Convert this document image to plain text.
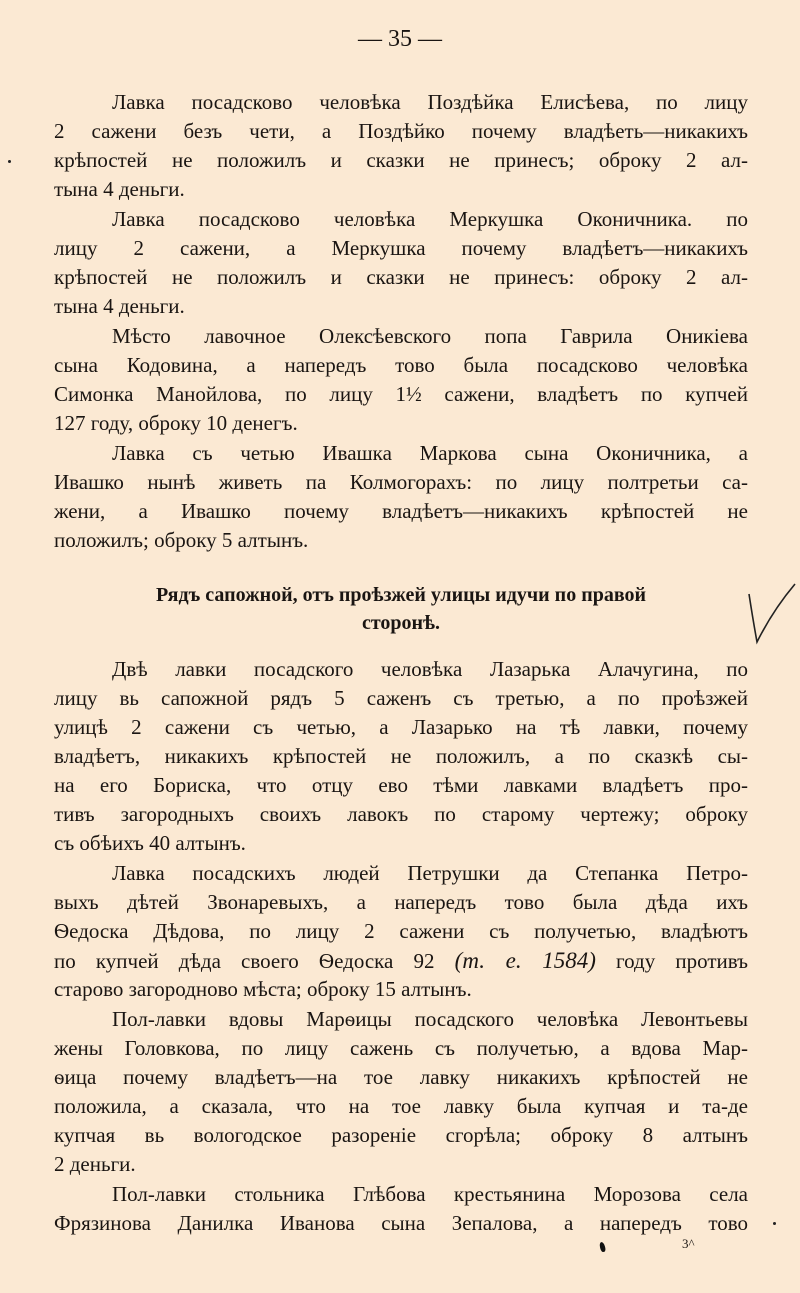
— 35 —
Лавка посадсково человѣка Поздѣйка Елисѣева, по лицу
2 сажени безъ чети, а Поздѣйко почему владѣеть—никакихъ
крѣпостей не положилъ и сказки не принесъ; оброку 2 ал-
тына 4 деньги.
Лавка посадсково человѣка Меркушка Оконичника. по
лицу 2 сажени, а Меркушка почему владѣетъ—никакихъ
крѣпостей не положилъ и сказки не принесъ: оброку 2 ал-
тына 4 деньги.
Мѣсто лавочное Олексѣевского попа Гаврила Оникіева
сына Кодовина, а напередъ тово была посадсково человѣка
Симонка Манойлова, по лицу 1½ сажени, владѣетъ по купчей
127 году, оброку 10 денегъ.
Лавка съ четью Ивашка Маркова сына Оконичника, а
Ивашко нынѣ живеть па Колмогорахъ: по лицу полтретьи са-
жени, а Ивашко почему владѣетъ—никакихъ крѣпостей не
положилъ; оброку 5 алтынъ.
Рядъ сапожной, отъ проѣзжей улицы идучи по правой
сторонѣ.
Двѣ лавки посадского человѣка Лазарька Алачугина, по
лицу вь сапожной рядъ 5 саженъ съ третью, а по проѣзжей
улицѣ 2 сажени съ четью, а Лазарько на тѣ лавки, почему
владѣетъ, никакихъ крѣпостей не положилъ, а по сказкѣ сы-
на его Бориска, что отцу ево тѣми лавками владѣетъ про-
тивъ загородныхъ своихъ лавокъ по старому чертежу; оброку
съ обѣихъ 40 алтынъ.
Лавка посадскихъ людей Петрушки да Степанка Петро-
выхъ дѣтей Звонаревыхъ, а напередъ тово была дѣда ихъ
Ѳедоска Дѣдова, по лицу 2 сажени съ получетью, владѣютъ
по купчей дѣда своего Ѳедоска 92 (т. е. 1584) году противъ
старово загородново мѣста; оброку 15 алтынъ.
Пол-лавки вдовы Марѳицы посадского человѣка Левонтьевы
жены Головкова, по лицу сажень съ получетью, а вдова Мар-
ѳица почему владѣетъ—на тое лавку никакихъ крѣпостей не
положила, а сказала, что на тое лавку была купчая и та-де
купчая вь вологодское разореніе сгорѣла; оброку 8 алтынъ
2 деньги.
Пол-лавки стольника Глѣбова крестьянина Морозова села
Фрязинова Данилка Иванова сына Зепалова, а напередъ тово
3^
